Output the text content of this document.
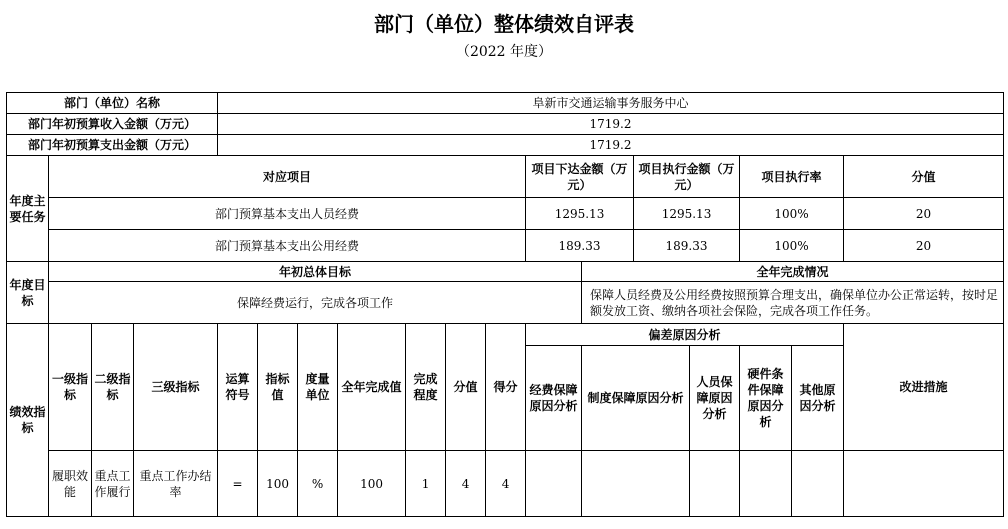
部门（单位）整体绩效自评表
（2022 年度）
部门（单位）名称				阜新市交通运输事务服务中心														
部门年初预算收入金额（万元）				1719.2														
部门年初预算支出金额（万元）				1719.2														
年度主要任务	对应项目										项目下达金额（万元）		项目执行金额（万元）		项目执行率		分值	
	部门预算基本支出人员经费										1295.13		1295.13		100%		20	
	部门预算基本支出公用经费										189.33		189.33		100%		20	
年度目标	年初总体目标											全年完成情况						
	保障经费运行，完成各项工作											保障人员经费及公用经费按照预算合理支出，确保单位办公正常运转，按时足额发放工资、缴纳各项社会保险，完成各项工作任务。						
绩效指标	一级指标	二级指标	三级指标	运算符号	指标值	度量单位	全年完成值	完成程度	分值	得分	偏差原因分析						改进措施	
											经费保障原因分析	制度保障原因分析		人员保障原因分析	硬件条件保障原因分析	其他原因分析		
	履职效能	重点工作履行	重点工作办结率	=	100	%	100	1	4	4								
